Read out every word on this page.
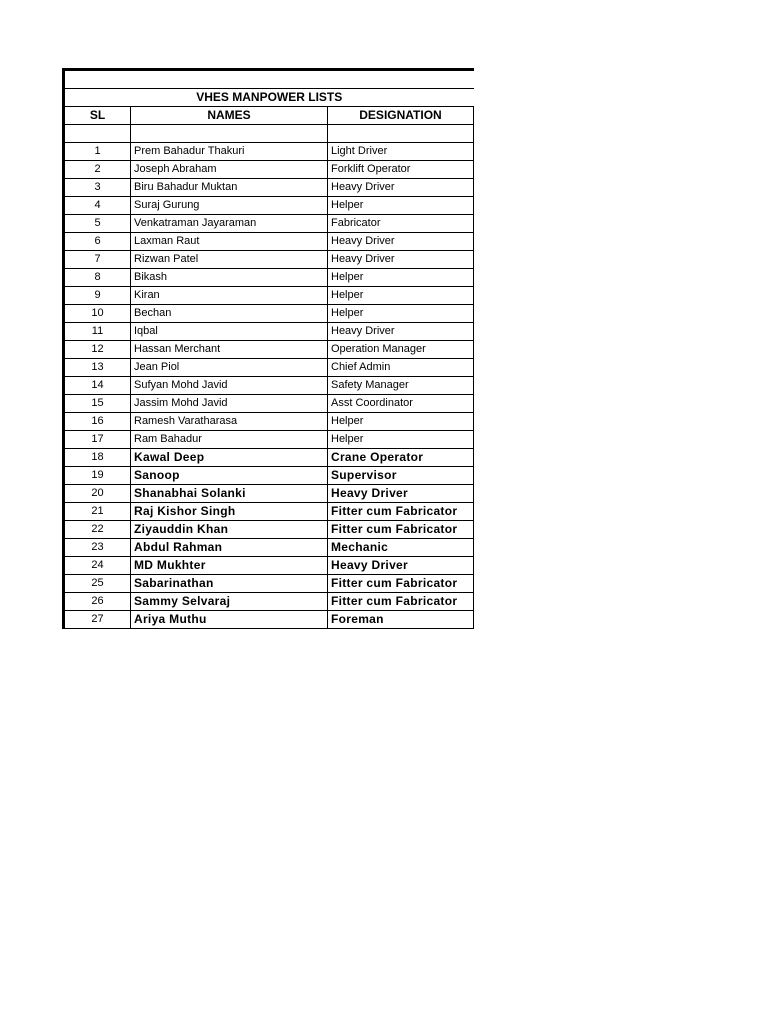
VHES MANPOWER LISTS		
SL	NAMES	DESIGNATION

1	Prem Bahadur Thakuri	Light Driver
2	Joseph Abraham	Forklift Operator
3	Biru Bahadur Muktan	Heavy Driver
4	Suraj Gurung	Helper
5	Venkatraman Jayaraman	Fabricator
6	Laxman Raut	Heavy Driver
7	Rizwan Patel	Heavy Driver
8	Bikash	Helper
9	Kiran	Helper
10	Bechan	Helper
11	Iqbal	Heavy Driver
12	Hassan Merchant	Operation Manager
13	Jean Piol	Chief Admin
14	Sufyan Mohd Javid	Safety Manager
15	Jassim Mohd Javid	Asst Coordinator
16	Ramesh Varatharasa	Helper
17	Ram Bahadur	Helper
18	Kawal Deep	Crane Operator
19	Sanoop	Supervisor
20	Shanabhai Solanki	Heavy Driver
21	Raj Kishor Singh	Fitter cum Fabricator
22	Ziyauddin Khan	Fitter cum Fabricator
23	Abdul Rahman	Mechanic
24	MD Mukhter	Heavy Driver
25	Sabarinathan	Fitter cum Fabricator
26	Sammy Selvaraj	Fitter cum Fabricator
27	Ariya Muthu	Foreman
